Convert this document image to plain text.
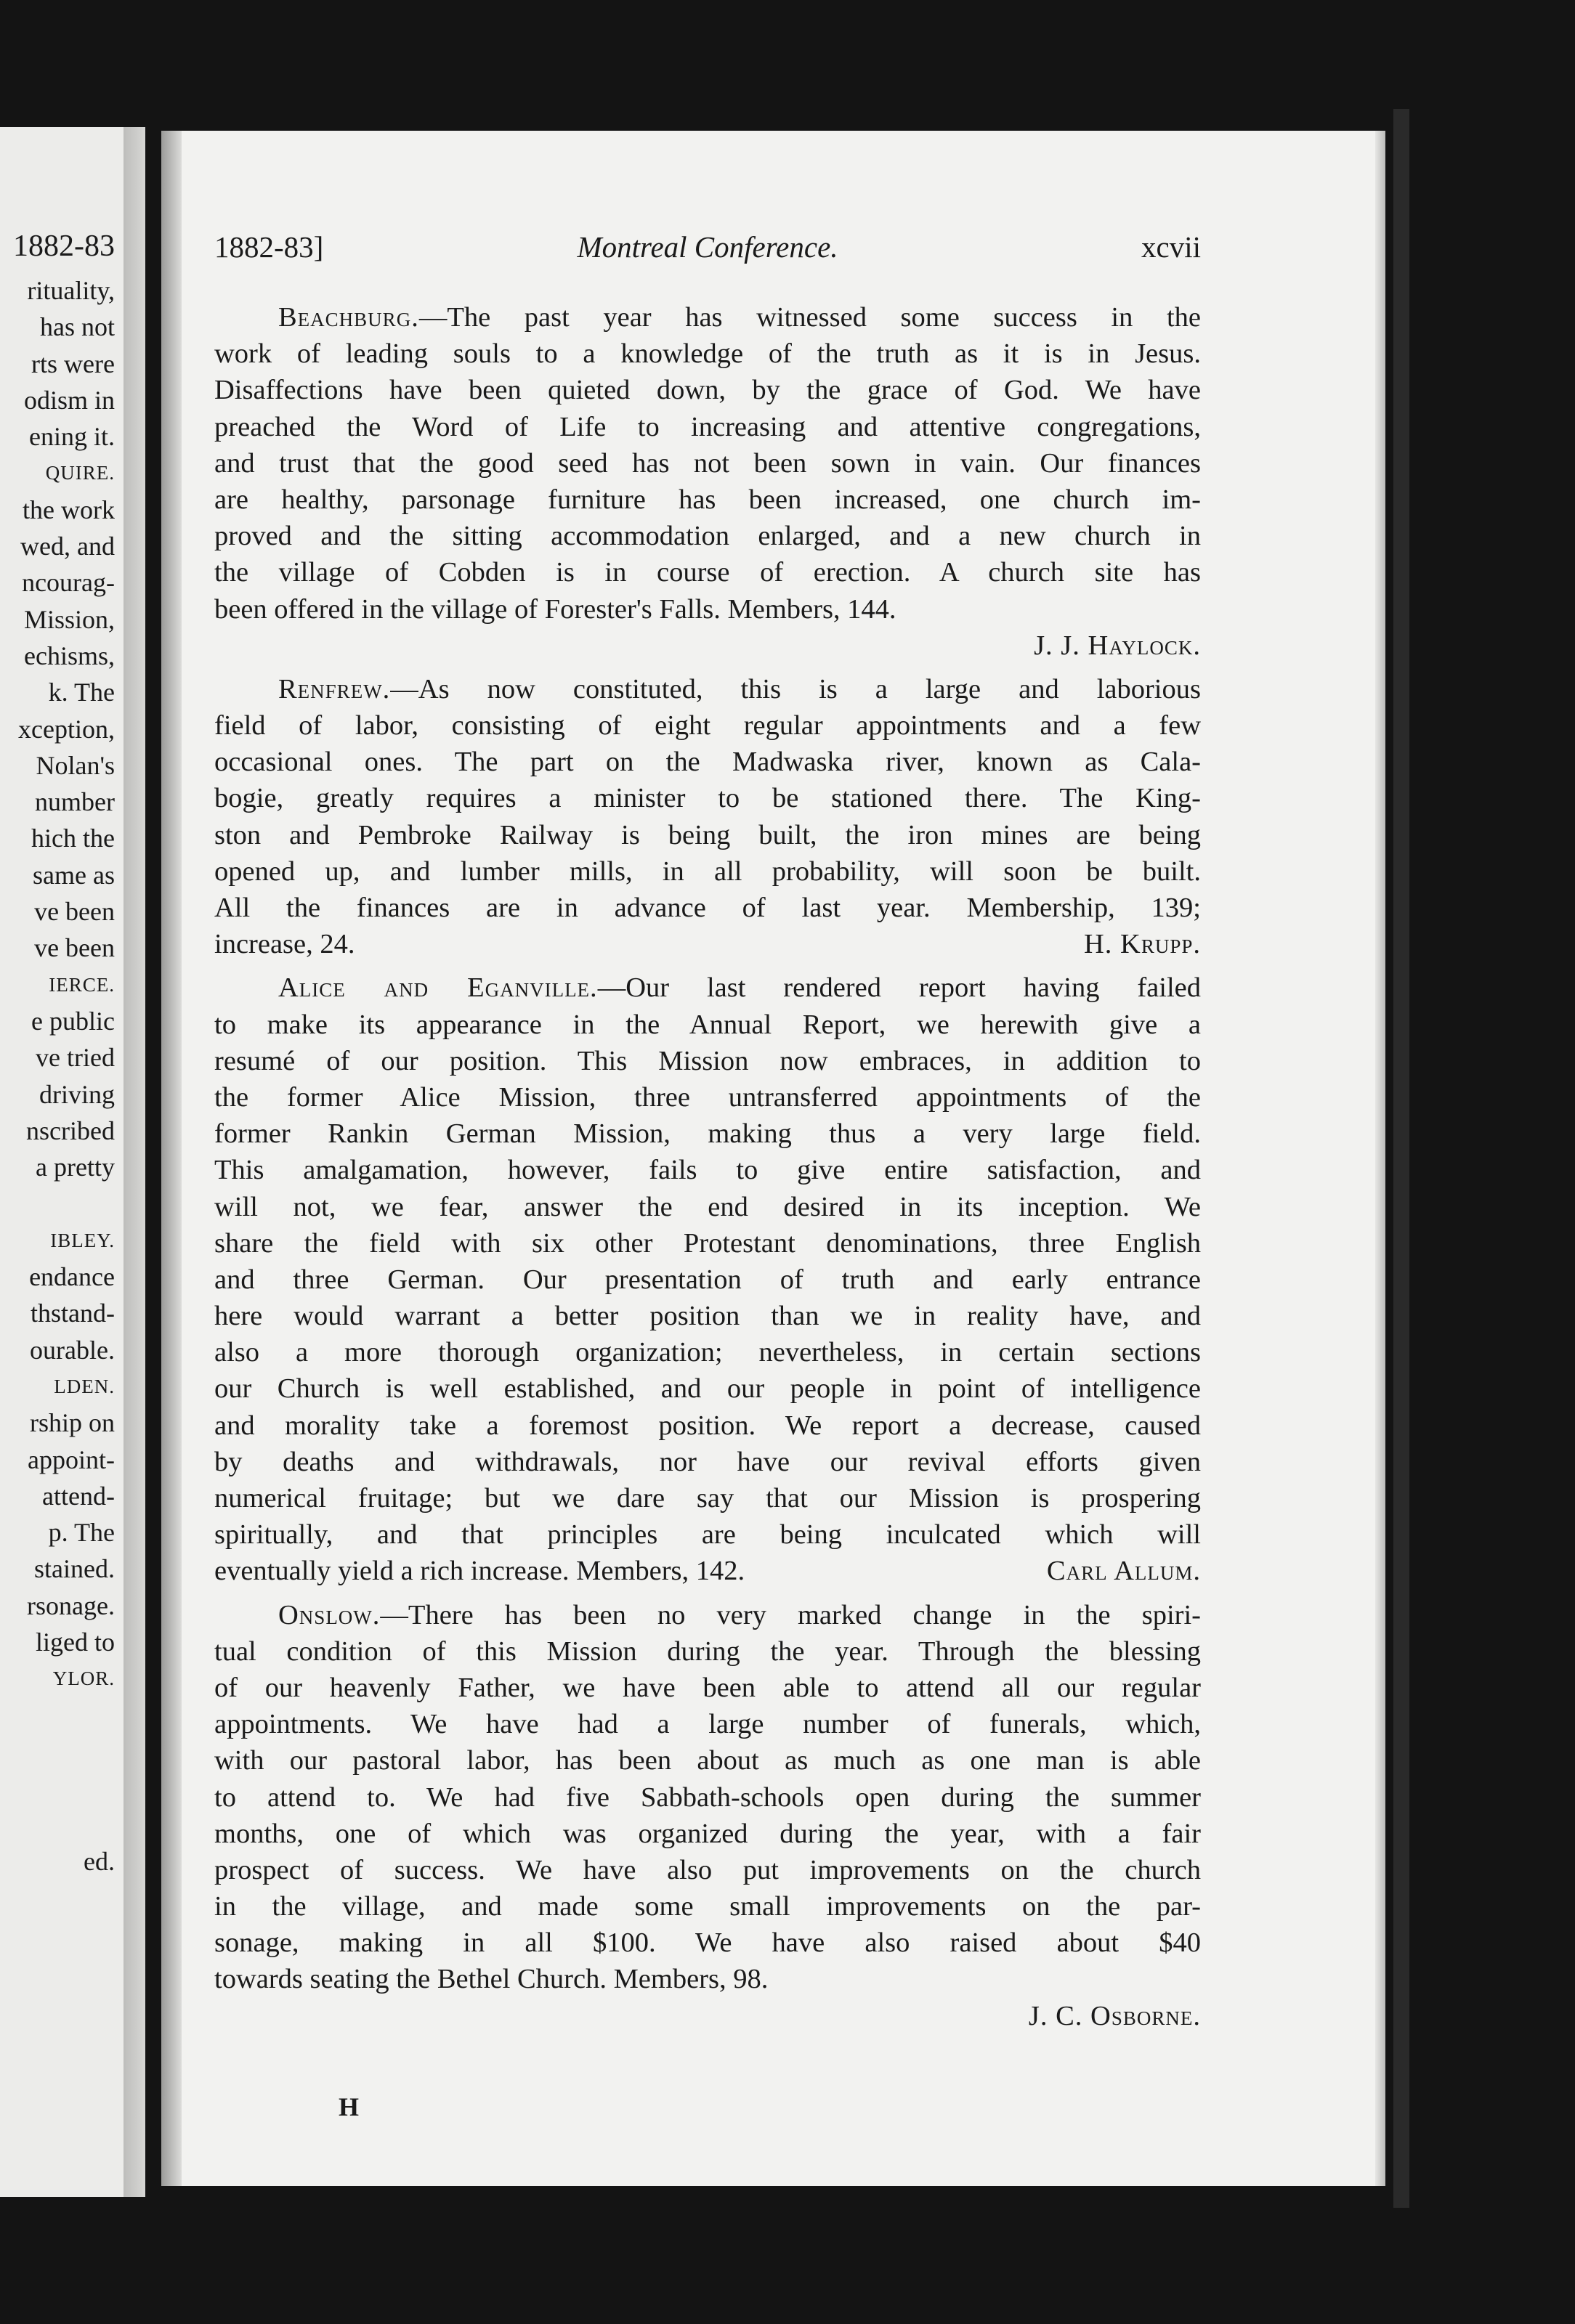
1882-83
rituality,
has not
rts were
odism in
ening it.
QUIRE.
the work
wed, and
ncourag-
Mission,
echisms,
k. The
xception,
Nolan's
number
hich the
same as
ve been
ve been
IERCE.
e public
ve tried
driving
nscribed
a pretty
IBLEY.
endance
thstand-
ourable.
LDEN.
rship on
appoint-
attend-
p. The
stained.
rsonage.
liged to
YLOR.
ed.
1882-83]	Montreal Conference.	xcvii
Beachburg.—The past year has witnessed some success in the
work of leading souls to a knowledge of the truth as it is in Jesus.
Disaffections have been quieted down, by the grace of God. We have
preached the Word of Life to increasing and attentive congregations,
and trust that the good seed has not been sown in vain. Our finances
are healthy, parsonage furniture has been increased, one church im-
proved and the sitting accommodation enlarged, and a new church in
the village of Cobden is in course of erection. A church site has
been offered in the village of Forester's Falls. Members, 144.
J. J. Haylock.
Renfrew.—As now constituted, this is a large and laborious
field of labor, consisting of eight regular appointments and a few
occasional ones. The part on the Madwaska river, known as Cala-
bogie, greatly requires a minister to be stationed there. The King-
ston and Pembroke Railway is being built, the iron mines are being
opened up, and lumber mills, in all probability, will soon be built.
All the finances are in advance of last year. Membership, 139;
increase, 24.	H. Krupp.
Alice and Eganville.—Our last rendered report having failed
to make its appearance in the Annual Report, we herewith give a
resumé of our position. This Mission now embraces, in addition to
the former Alice Mission, three untransferred appointments of the
former Rankin German Mission, making thus a very large field.
This amalgamation, however, fails to give entire satisfaction, and
will not, we fear, answer the end desired in its inception. We
share the field with six other Protestant denominations, three English
and three German. Our presentation of truth and early entrance
here would warrant a better position than we in reality have, and
also a more thorough organization; nevertheless, in certain sections
our Church is well established, and our people in point of intelligence
and morality take a foremost position. We report a decrease, caused
by deaths and withdrawals, nor have our revival efforts given
numerical fruitage; but we dare say that our Mission is prospering
spiritually, and that principles are being inculcated which will
eventually yield a rich increase. Members, 142.	Carl Allum.
Onslow.—There has been no very marked change in the spiri-
tual condition of this Mission during the year. Through the blessing
of our heavenly Father, we have been able to attend all our regular
appointments. We have had a large number of funerals, which,
with our pastoral labor, has been about as much as one man is able
to attend to. We had five Sabbath-schools open during the summer
months, one of which was organized during the year, with a fair
prospect of success. We have also put improvements on the church
in the village, and made some small improvements on the par-
sonage, making in all $100. We have also raised about $40
towards seating the Bethel Church. Members, 98.
J. C. Osborne.
H
